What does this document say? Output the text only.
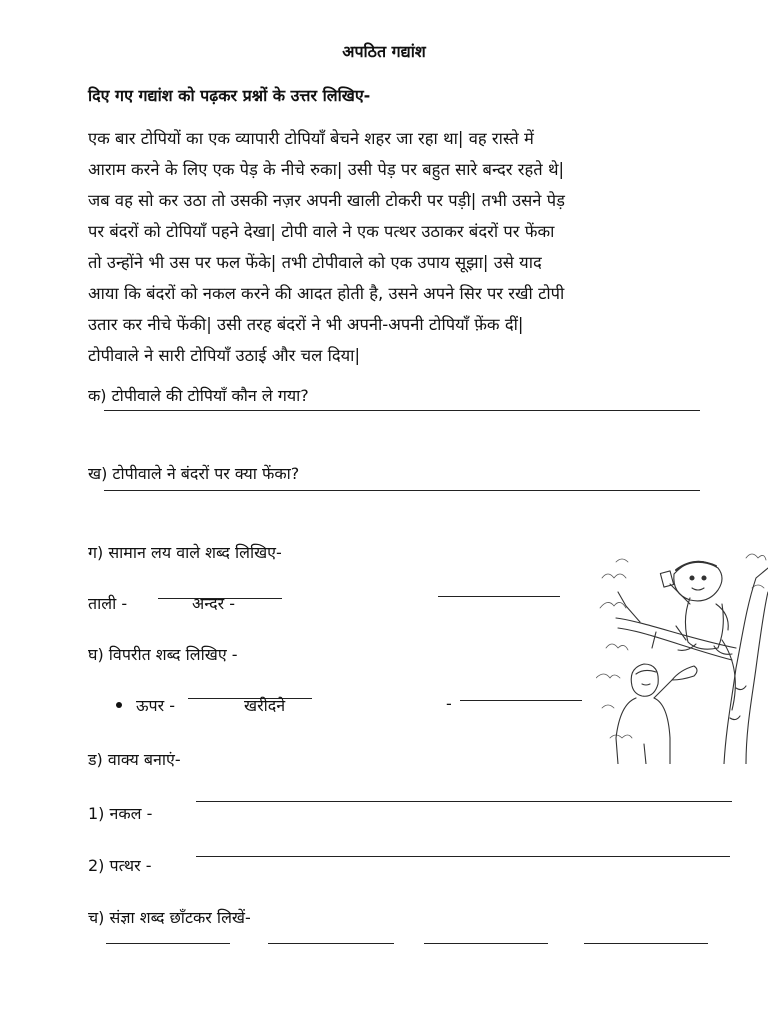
अपठित गद्यांश
दिए गए गद्यांश को पढ़कर प्रश्नों के उत्तर लिखिए-
एक बार टोपियों का एक व्यापारी टोपियाँ बेचने शहर जा रहा था| वह रास्ते में
आराम करने के लिए एक पेड़ के नीचे रुका| उसी पेड़ पर बहुत सारे बन्दर रहते थे|
जब वह सो कर उठा तो उसकी नज़र अपनी खाली टोकरी पर पड़ी| तभी उसने पेड़
पर बंदरों को टोपियाँ पहने देखा| टोपी वाले ने एक पत्थर उठाकर बंदरों पर फेंका
तो उन्होंने भी उस पर फल फेंके| तभी टोपीवाले को एक उपाय सूझा| उसे याद
आया कि बंदरों को नकल करने की आदत होती है, उसने अपने सिर पर रखी टोपी
उतार कर नीचे फेंकी| उसी तरह बंदरों ने भी अपनी-अपनी टोपियाँ फ़ेंक दीं|
टोपीवाले ने सारी टोपियाँ उठाई और चल दिया|
क) टोपीवाले की टोपियाँ कौन ले गया?
ख) टोपीवाले ने बंदरों पर क्या फेंका?
ग) सामान लय वाले शब्द लिखिए-
ताली -	अन्दर -
घ) विपरीत शब्द लिखिए -
ऊपर -	खरीदने	-
ड) वाक्य बनाएं-
1) नकल -
2) पत्थर -
च) संज्ञा शब्द छाँटकर लिखें-
